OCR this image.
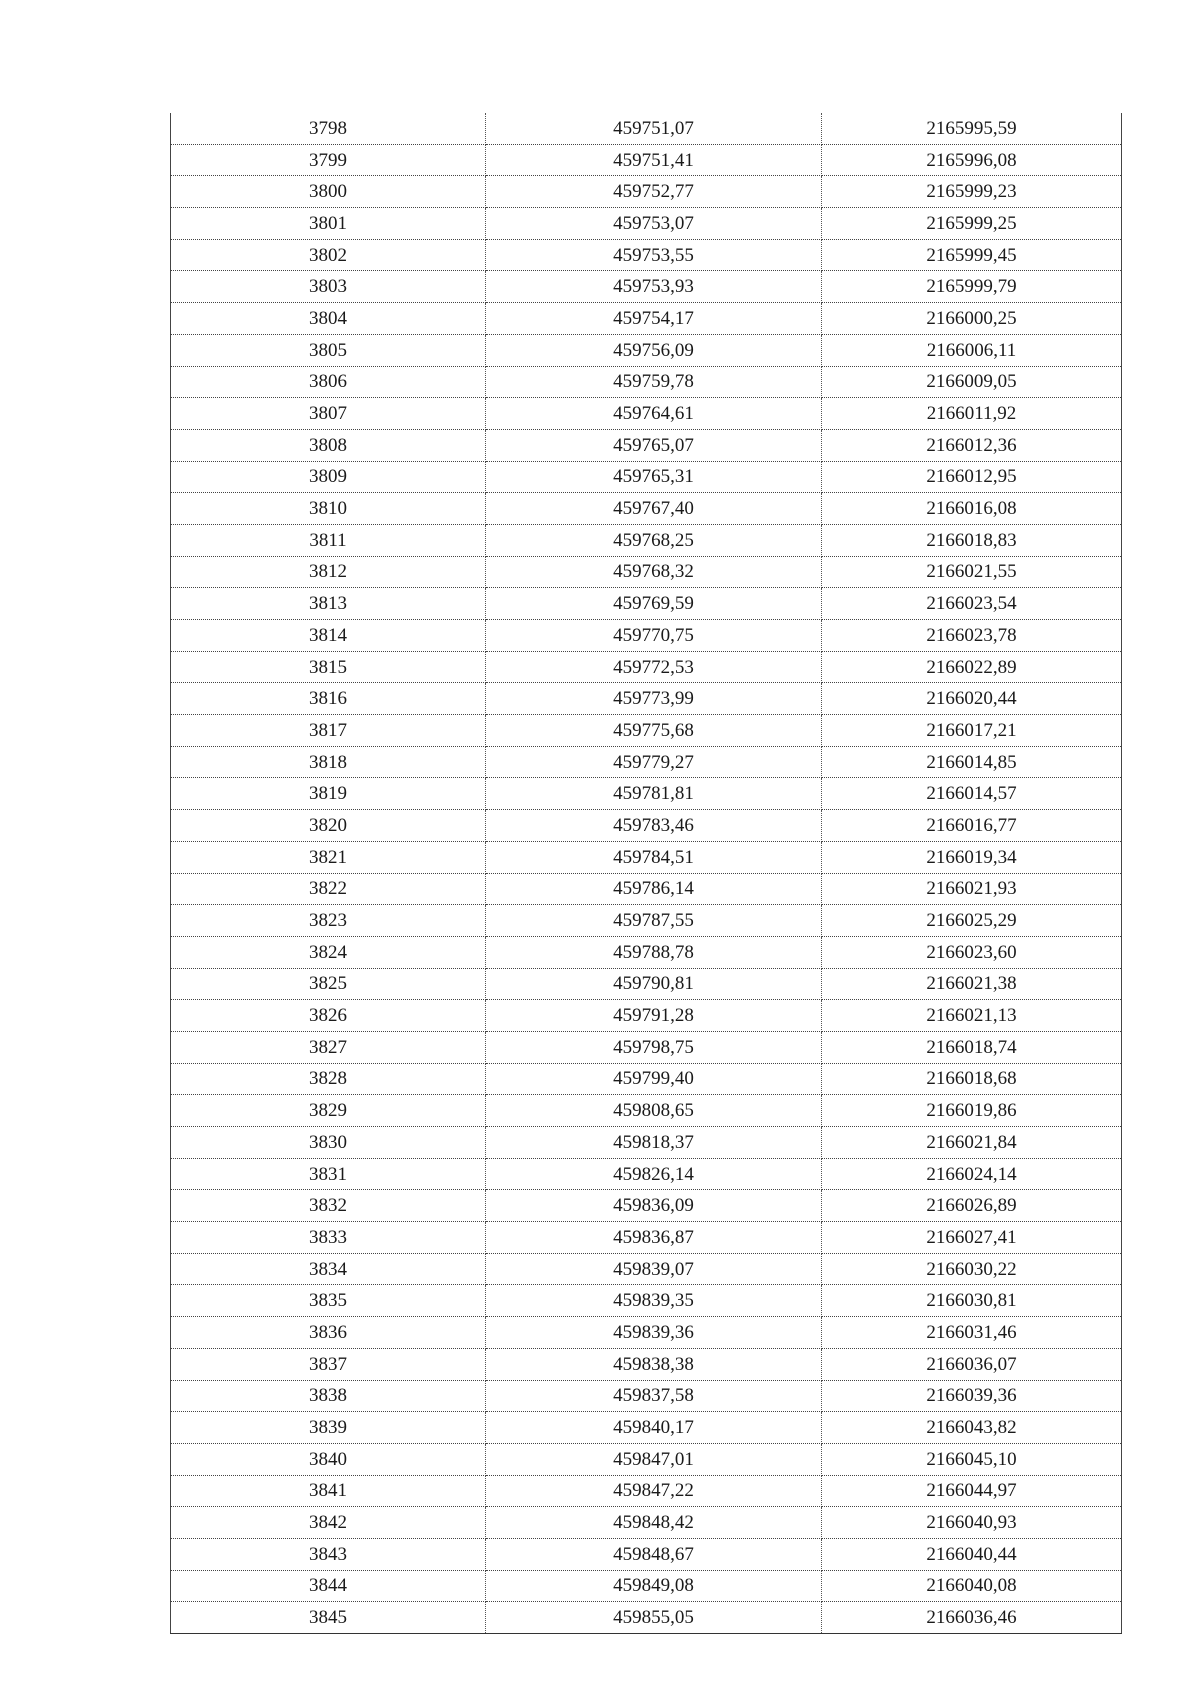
3798	459751,07	2165995,59
3799	459751,41	2165996,08
3800	459752,77	2165999,23
3801	459753,07	2165999,25
3802	459753,55	2165999,45
3803	459753,93	2165999,79
3804	459754,17	2166000,25
3805	459756,09	2166006,11
3806	459759,78	2166009,05
3807	459764,61	2166011,92
3808	459765,07	2166012,36
3809	459765,31	2166012,95
3810	459767,40	2166016,08
3811	459768,25	2166018,83
3812	459768,32	2166021,55
3813	459769,59	2166023,54
3814	459770,75	2166023,78
3815	459772,53	2166022,89
3816	459773,99	2166020,44
3817	459775,68	2166017,21
3818	459779,27	2166014,85
3819	459781,81	2166014,57
3820	459783,46	2166016,77
3821	459784,51	2166019,34
3822	459786,14	2166021,93
3823	459787,55	2166025,29
3824	459788,78	2166023,60
3825	459790,81	2166021,38
3826	459791,28	2166021,13
3827	459798,75	2166018,74
3828	459799,40	2166018,68
3829	459808,65	2166019,86
3830	459818,37	2166021,84
3831	459826,14	2166024,14
3832	459836,09	2166026,89
3833	459836,87	2166027,41
3834	459839,07	2166030,22
3835	459839,35	2166030,81
3836	459839,36	2166031,46
3837	459838,38	2166036,07
3838	459837,58	2166039,36
3839	459840,17	2166043,82
3840	459847,01	2166045,10
3841	459847,22	2166044,97
3842	459848,42	2166040,93
3843	459848,67	2166040,44
3844	459849,08	2166040,08
3845	459855,05	2166036,46
